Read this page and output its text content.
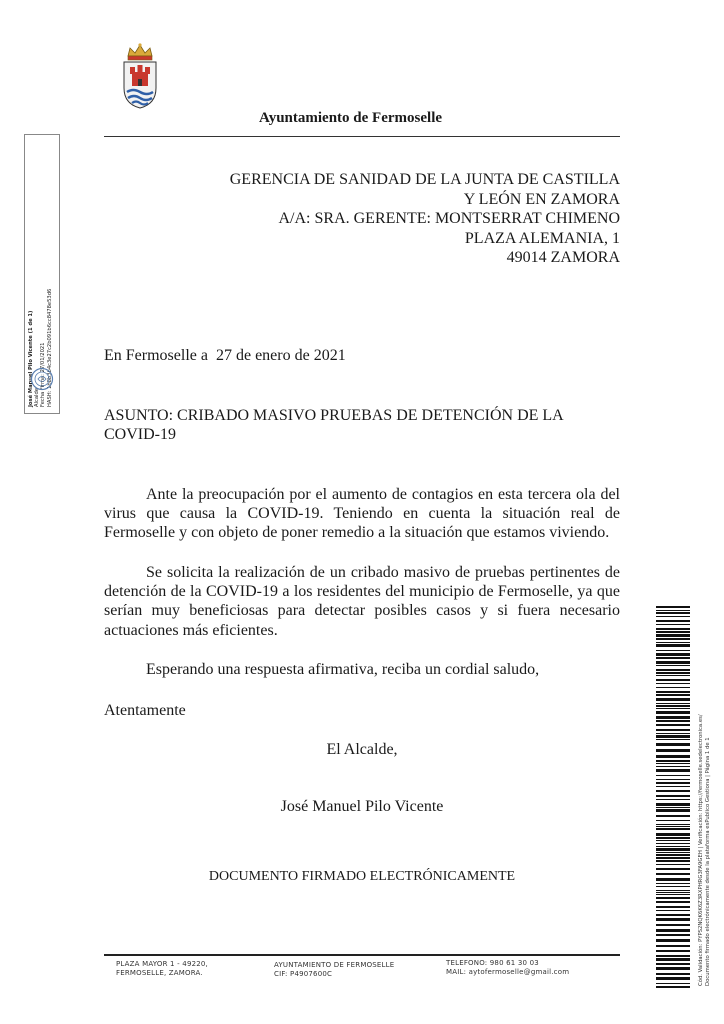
Ayuntamiento de Fermoselle
GERENCIA DE SANIDAD DE LA JUNTA DE CASTILLA
Y LEÓN EN ZAMORA
A/A: SRA. GERENTE: MONTSERRAT CHIMENO
PLAZA ALEMANIA, 1
49014 ZAMORA
En Fermoselle a  27 de enero de 2021
ASUNTO: CRIBADO MASIVO PRUEBAS DE DETENCIÓN DE LA
COVID-19
Ante la preocupación por el aumento de contagios en esta tercera ola del virus que causa la COVID-19. Teniendo en cuenta la situación real de Fermoselle y con objeto de poner remedio a la situación que estamos viviendo.
Se solicita la realización de un cribado masivo de pruebas pertinentes de detención de la COVID-19 a los residentes del municipio de Fermoselle, ya que serían muy beneficiosas para detectar posibles casos y si fuera necesario actuaciones más eficientes.
Esperando una respuesta afirmativa, reciba un cordial saludo,
Atentamente
El Alcalde,
José Manuel Pilo Vicente
DOCUMENTO FIRMADO ELECTRÓNICAMENTE
PLAZA MAYOR 1 - 49220,
FERMOSELLE, ZAMORA.
AYUNTAMIENTO DE FERMOSELLE
CIF: P4907600C
TELEFONO: 980 61 30 03
MAIL: aytofermoselle@gmail.com
José Manuel Pilo Vicente (1 de 1) Alcalde Fecha Firma: 27/01/2021 HASH: 1b8b3b4c3e27c2b091b6cc8478e53d6
Cód. Validación: PYPS2NQK6K6Z3RXPHRG3FA9GEH | Verificación: https://fermoselle.sedelectronica.es/ Documento firmado electrónicamente desde la plataforma esPublico Gestiona | Página 1 de 1
